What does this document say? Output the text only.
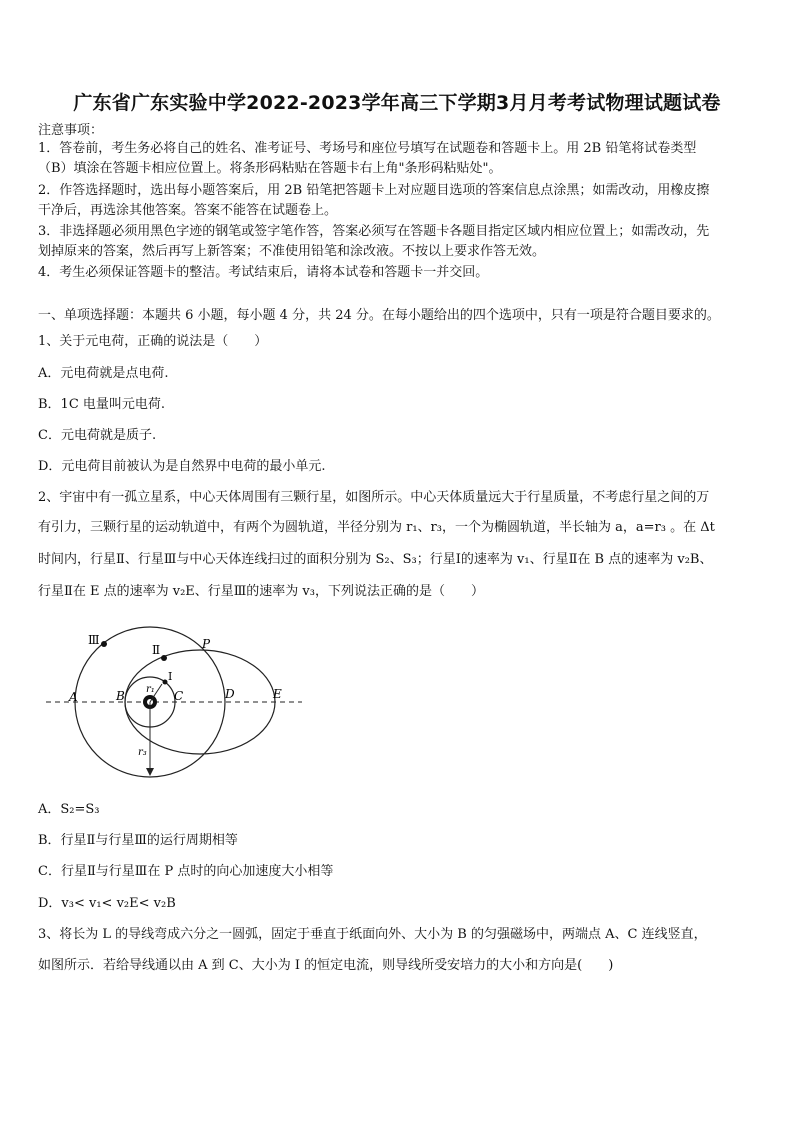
广东省广东实验中学2022-2023学年高三下学期3月月考考试物理试题试卷
注意事项：
1．答卷前，考生务必将自己的姓名、准考证号、考场号和座位号填写在试题卷和答题卡上。用 2B 铅笔将试卷类型
（B）填涂在答题卡相应位置上。将条形码粘贴在答题卡右上角"条形码粘贴处"。
2．作答选择题时，选出每小题答案后，用 2B 铅笔把答题卡上对应题目选项的答案信息点涂黑；如需改动，用橡皮擦
干净后，再选涂其他答案。答案不能答在试题卷上。
3．非选择题必须用黑色字迹的钢笔或签字笔作答，答案必须写在答题卡各题目指定区域内相应位置上；如需改动，先
划掉原来的答案，然后再写上新答案；不准使用铅笔和涂改液。不按以上要求作答无效。
4．考生必须保证答题卡的整洁。考试结束后，请将本试卷和答题卡一并交回。
一、单项选择题：本题共 6 小题，每小题 4 分，共 24 分。在每小题给出的四个选项中，只有一项是符合题目要求的。
1、关于元电荷，正确的说法是（　　）
A．元电荷就是点电荷.
B．1C 电量叫元电荷.
C．元电荷就是质子.
D．元电荷目前被认为是自然界中电荷的最小单元.
2、宇宙中有一孤立星系，中心天体周围有三颗行星，如图所示。中心天体质量远大于行星质量，不考虑行星之间的万
有引力，三颗行星的运动轨道中，有两个为圆轨道，半径分别为 r₁、r₃，一个为椭圆轨道，半长轴为 a，a=r₃ 。在 Δt
时间内，行星Ⅱ、行星Ⅲ与中心天体连线扫过的面积分别为 S₂、S₃；行星Ⅰ的速率为 v₁、行星Ⅱ在 B 点的速率为 v₂B、
行星Ⅱ在 E 点的速率为 v₂E、行星Ⅲ的速率为 v₃，下列说法正确的是（　　）
Ⅲ
Ⅱ
I
P
A	B	C	D	E
r₁
r₃
A．S₂=S₃
B．行星Ⅱ与行星Ⅲ的运行周期相等
C．行星Ⅱ与行星Ⅲ在 P 点时的向心加速度大小相等
D．v₃< v₁< v₂E< v₂B
3、将长为 L 的导线弯成六分之一圆弧，固定于垂直于纸面向外、大小为 B 的匀强磁场中，两端点 A、C 连线竖直，
如图所示．若给导线通以由 A 到 C、大小为 I 的恒定电流，则导线所受安培力的大小和方向是(　　)
